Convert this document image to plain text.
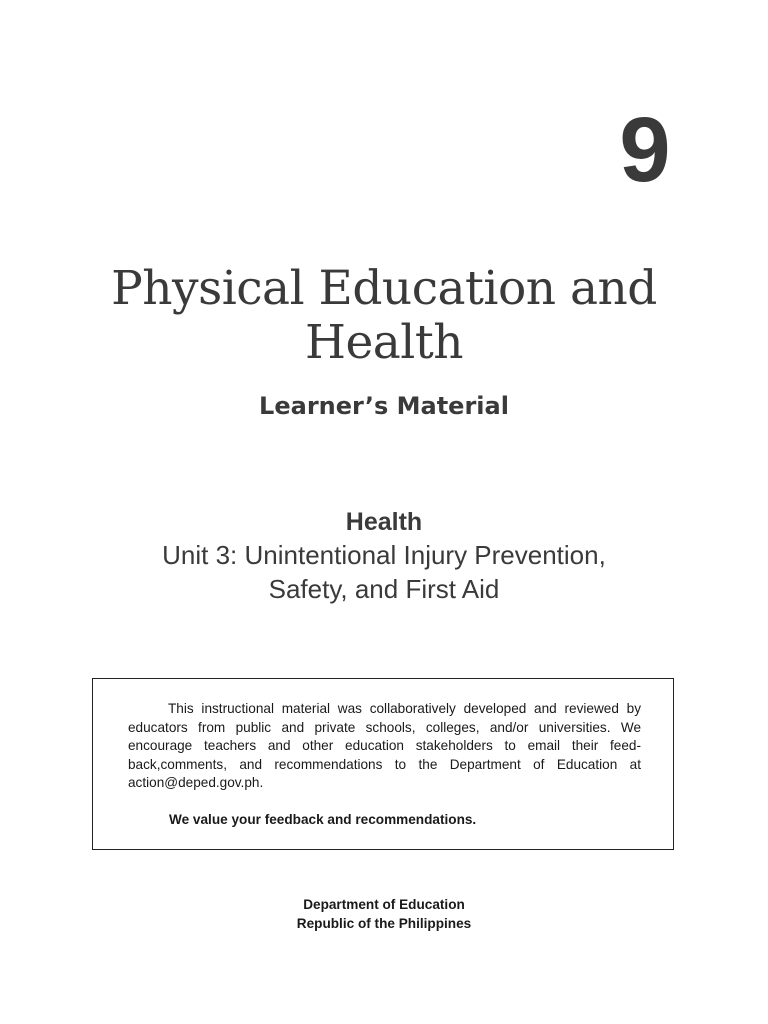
9
Physical Education and
Health
Learner’s Material
Health
Unit 3: Unintentional Injury Prevention,
Safety, and First Aid

This instructional material was collaboratively developed and reviewed by educators from public and private schools, colleges, and/or universities. We encourage teachers and other education stakeholders to email their feed-back,comments, and recommendations to the Department of Education at action@deped.gov.ph.

We value your feedback and recommendations.

Department of Education
Republic of the Philippines
